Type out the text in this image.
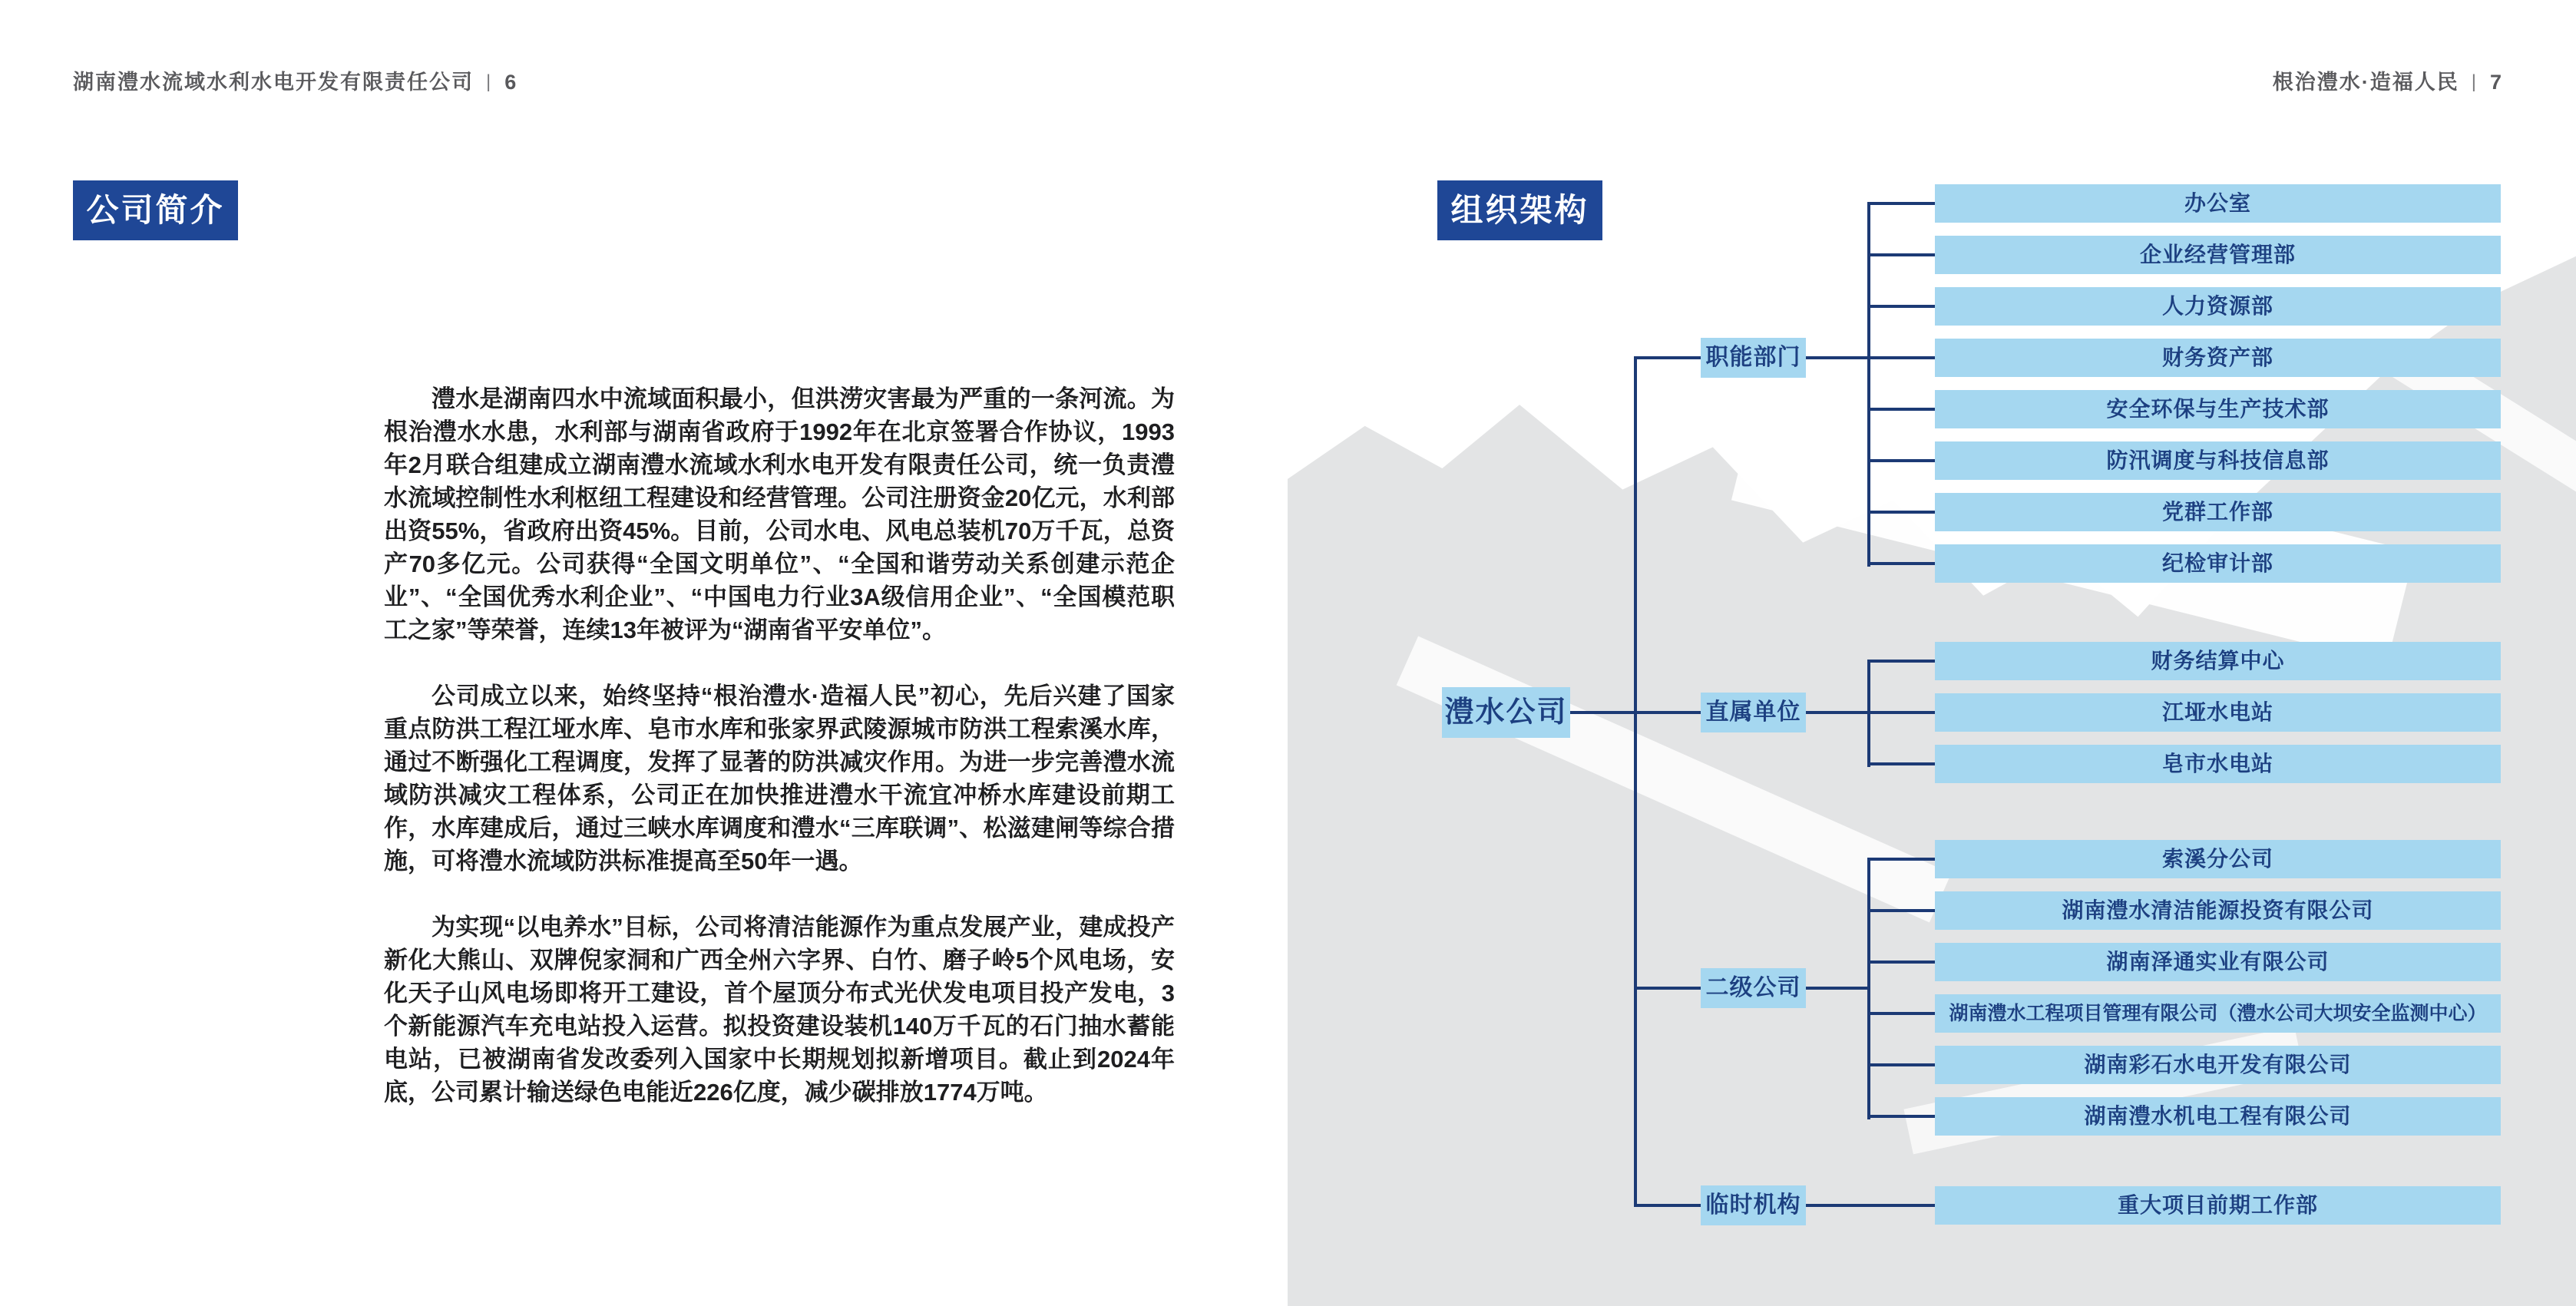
湖南澧水流域水利水电开发有限责任公司 | 6	根治澧水·造福人民 | 7
公司简介

澧水是湖南四水中流域面积最小，但洪涝灾害最为严重的一条河流。为根治澧水水患，水利部与湖南省政府于1992年在北京签署合作协议，1993年2月联合组建成立湖南澧水流域水利水电开发有限责任公司，统一负责澧水流域控制性水利枢纽工程建设和经营管理。公司注册资金20亿元，水利部出资55%，省政府出资45%。目前，公司水电、风电总装机70万千瓦，总资产70多亿元。公司获得“全国文明单位”、“全国和谐劳动关系创建示范企业”、“全国优秀水利企业”、“中国电力行业3A级信用企业”、“全国模范职工之家”等荣誉，连续13年被评为“湖南省平安单位”。

公司成立以来，始终坚持“根治澧水·造福人民”初心，先后兴建了国家重点防洪工程江垭水库、皂市水库和张家界武陵源城市防洪工程索溪水库，通过不断强化工程调度，发挥了显著的防洪减灾作用。为进一步完善澧水流域防洪减灾工程体系，公司正在加快推进澧水干流宜冲桥水库建设前期工作，水库建成后，通过三峡水库调度和澧水“三库联调”、松滋建闸等综合措施，可将澧水流域防洪标准提高至50年一遇。

为实现“以电养水”目标，公司将清洁能源作为重点发展产业，建成投产新化大熊山、双牌倪家洞和广西全州六字界、白竹、磨子岭5个风电场，安化天子山风电场即将开工建设，首个屋顶分布式光伏发电项目投产发电，3个新能源汽车充电站投入运营。拟投资建设装机140万千瓦的石门抽水蓄能电站，已被湖南省发改委列入国家中长期规划拟新增项目。截止到2024年底，公司累计输送绿色电能近226亿度，减少碳排放1774万吨。

组织架构
澧水公司
职能部门
直属单位
二级公司
临时机构
办公室
企业经营管理部
人力资源部
财务资产部
安全环保与生产技术部
防汛调度与科技信息部
党群工作部
纪检审计部
财务结算中心
江垭水电站
皂市水电站
索溪分公司
湖南澧水清洁能源投资有限公司
湖南泽通实业有限公司
湖南澧水工程项目管理有限公司（澧水公司大坝安全监测中心）
湖南彩石水电开发有限公司
湖南澧水机电工程有限公司
重大项目前期工作部
